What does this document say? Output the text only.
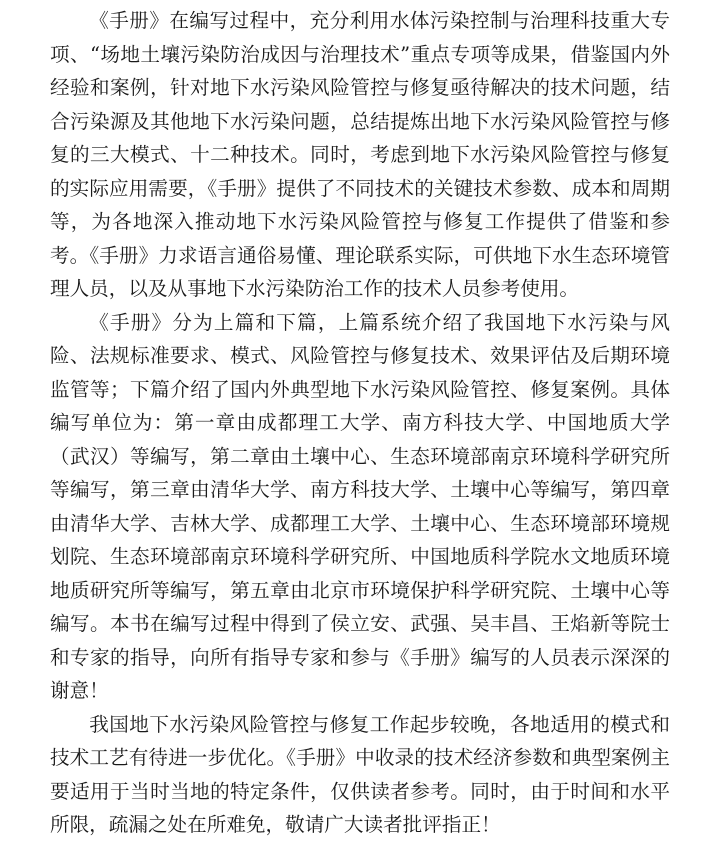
《手册》在编写过程中，充分利用水体污染控制与治理科技重大专项、“场地土壤污染防治成因与治理技术”重点专项等成果，借鉴国内外经验和案例，针对地下水污染风险管控与修复亟待解决的技术问题，结合污染源及其他地下水污染问题，总结提炼出地下水污染风险管控与修复的三大模式、十二种技术。同时，考虑到地下水污染风险管控与修复的实际应用需要，《手册》提供了不同技术的关键技术参数、成本和周期等，为各地深入推动地下水污染风险管控与修复工作提供了借鉴和参考。《手册》力求语言通俗易懂、理论联系实际，可供地下水生态环境管理人员，以及从事地下水污染防治工作的技术人员参考使用。

《手册》分为上篇和下篇，上篇系统介绍了我国地下水污染与风险、法规标准要求、模式、风险管控与修复技术、效果评估及后期环境监管等；下篇介绍了国内外典型地下水污染风险管控、修复案例。具体编写单位为：第一章由成都理工大学、南方科技大学、中国地质大学（武汉）等编写，第二章由土壤中心、生态环境部南京环境科学研究所等编写，第三章由清华大学、南方科技大学、土壤中心等编写，第四章由清华大学、吉林大学、成都理工大学、土壤中心、生态环境部环境规划院、生态环境部南京环境科学研究所、中国地质科学院水文地质环境地质研究所等编写，第五章由北京市环境保护科学研究院、土壤中心等编写。本书在编写过程中得到了侯立安、武强、吴丰昌、王焰新等院士和专家的指导，向所有指导专家和参与《手册》编写的人员表示深深的谢意！

我国地下水污染风险管控与修复工作起步较晚，各地适用的模式和技术工艺有待进一步优化。《手册》中收录的技术经济参数和典型案例主要适用于当时当地的特定条件，仅供读者参考。同时，由于时间和水平所限，疏漏之处在所难免，敬请广大读者批评指正！
